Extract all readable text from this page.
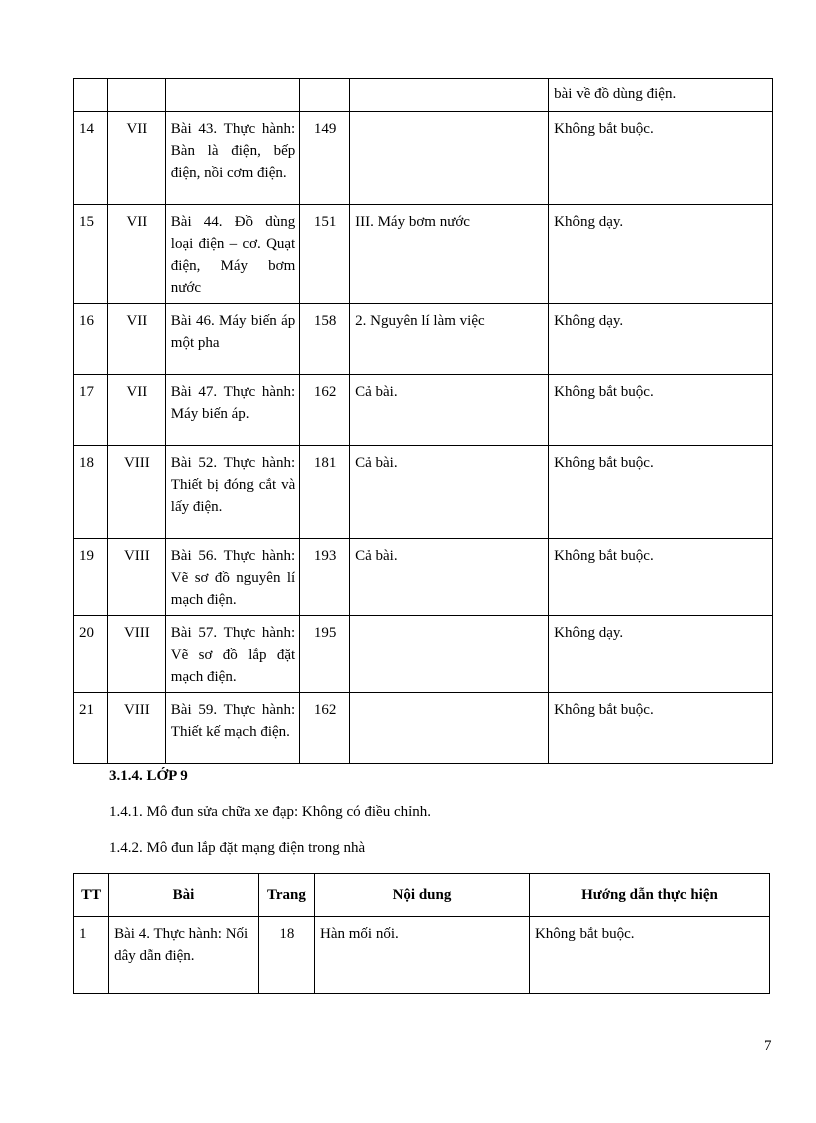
					bài về đồ dùng điện.
14	VII	Bài 43. Thực hành: Bàn là điện, bếp điện, nồi cơm điện.	149		Không bắt buộc.
15	VII	Bài 44. Đồ dùng loại điện – cơ. Quạt điện, Máy bơm nước	151	III. Máy bơm nước	Không dạy.
16	VII	Bài 46. Máy biến áp một pha	158	2. Nguyên lí làm việc	Không dạy.
17	VII	Bài 47. Thực hành: Máy biến áp.	162	Cả bài.	Không bắt buộc.
18	VIII	Bài 52. Thực hành: Thiết bị đóng cắt và lấy điện.	181	Cả bài.	Không bắt buộc.
19	VIII	Bài 56. Thực hành: Vẽ sơ đồ nguyên lí mạch điện.	193	Cả bài.	Không bắt buộc.
20	VIII	Bài 57. Thực hành: Vẽ sơ đồ lắp đặt mạch điện.	195		Không dạy.
21	VIII	Bài 59. Thực hành: Thiết kế mạch điện.	162		Không bắt buộc.
3.1.4. LỚP 9
1.4.1. Mô đun sửa chữa xe đạp: Không có điều chỉnh.
1.4.2. Mô đun lắp đặt mạng điện trong nhà
TT	Bài	Trang	Nội dung	Hướng dẫn thực hiện
1	Bài 4. Thực hành: Nối dây dẫn điện.	18	Hàn mối nối.	Không bắt buộc.
7
